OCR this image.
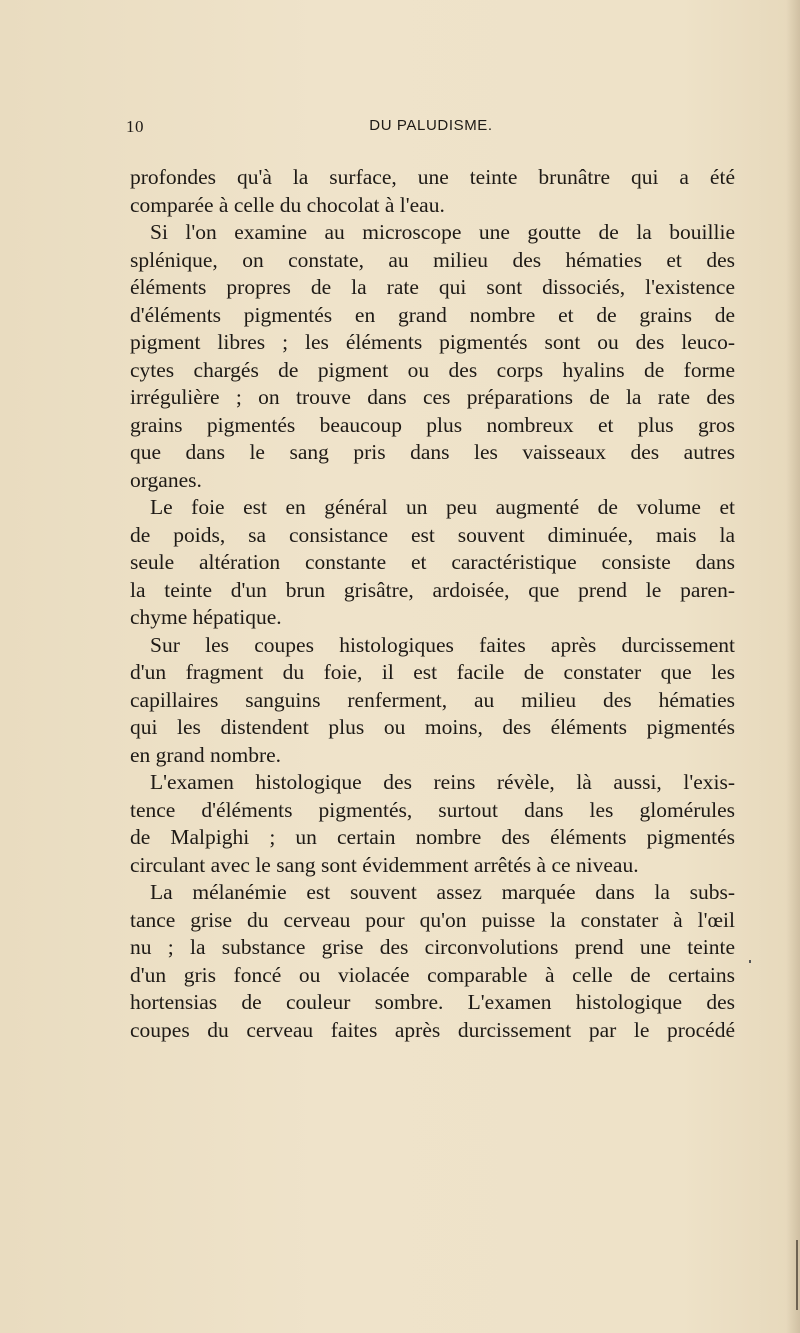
10	DU PALUDISME.
profondes qu'à la surface, une teinte brunâtre qui a été
comparée à celle du chocolat à l'eau.
Si l'on examine au microscope une goutte de la bouillie
splénique, on constate, au milieu des hématies et des
éléments propres de la rate qui sont dissociés, l'existence
d'éléments pigmentés en grand nombre et de grains de
pigment libres ; les éléments pigmentés sont ou des leuco-
cytes chargés de pigment ou des corps hyalins de forme
irrégulière ; on trouve dans ces préparations de la rate des
grains pigmentés beaucoup plus nombreux et plus gros
que dans le sang pris dans les vaisseaux des autres
organes.
Le foie est en général un peu augmenté de volume et
de poids, sa consistance est souvent diminuée, mais la
seule altération constante et caractéristique consiste dans
la teinte d'un brun grisâtre, ardoisée, que prend le paren-
chyme hépatique.
Sur les coupes histologiques faites après durcissement
d'un fragment du foie, il est facile de constater que les
capillaires sanguins renferment, au milieu des hématies
qui les distendent plus ou moins, des éléments pigmentés
en grand nombre.
L'examen histologique des reins révèle, là aussi, l'exis-
tence d'éléments pigmentés, surtout dans les glomérules
de Malpighi ; un certain nombre des éléments pigmentés
circulant avec le sang sont évidemment arrêtés à ce niveau.
La mélanémie est souvent assez marquée dans la subs-
tance grise du cerveau pour qu'on puisse la constater à l'œil
nu ; la substance grise des circonvolutions prend une teinte
d'un gris foncé ou violacée comparable à celle de certains
hortensias de couleur sombre. L'examen histologique des
coupes du cerveau faites après durcissement par le procédé
